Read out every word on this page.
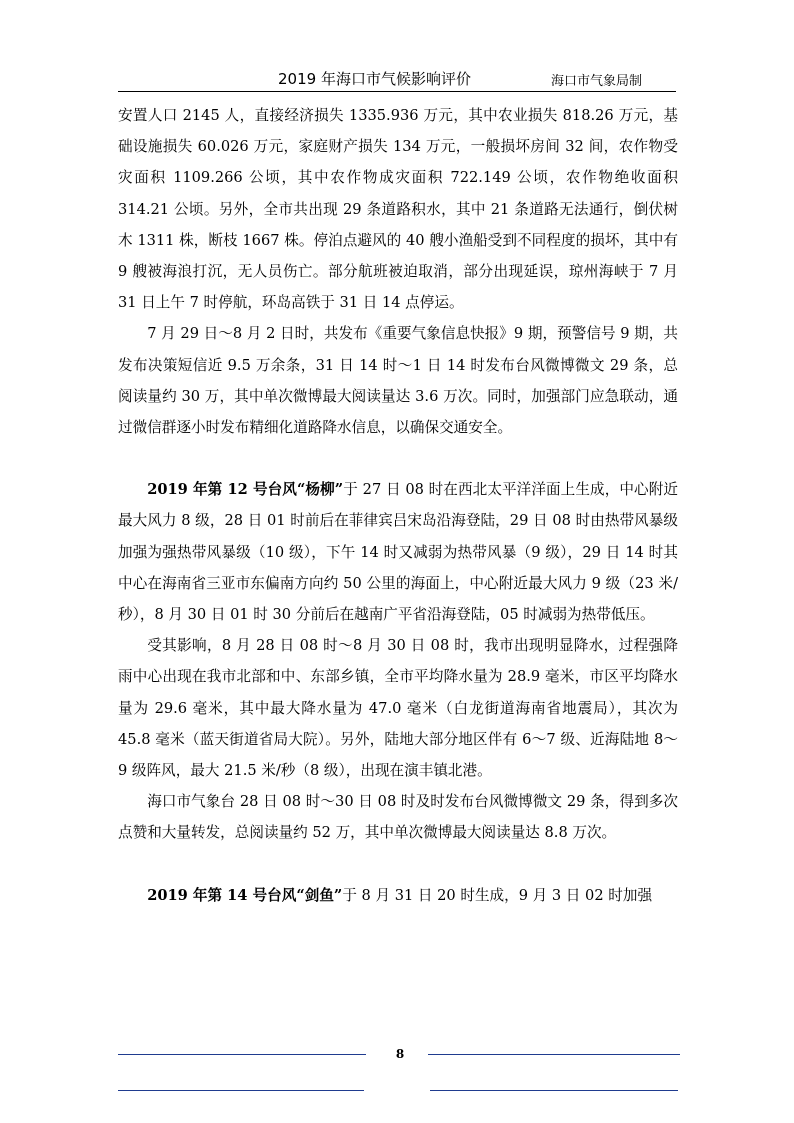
2019 年海口市气候影响评价	海口市气象局制

安置人口 2145 人，直接经济损失 1335.936 万元，其中农业损失 818.26 万元，基础设施损失 60.026 万元，家庭财产损失 134 万元，一般损坏房间 32 间，农作物受灾面积 1109.266 公顷，其中农作物成灾面积 722.149 公顷，农作物绝收面积 314.21 公顷。另外，全市共出现 29 条道路积水，其中 21 条道路无法通行，倒伏树木 1311 株，断枝 1667 株。停泊点避风的 40 艘小渔船受到不同程度的损坏，其中有 9 艘被海浪打沉，无人员伤亡。部分航班被迫取消，部分出现延误，琼州海峡于 7 月 31 日上午 7 时停航，环岛高铁于 31 日 14 点停运。

7 月 29 日～8 月 2 日时，共发布《重要气象信息快报》9 期，预警信号 9 期，共发布决策短信近 9.5 万余条，31 日 14 时～1 日 14 时发布台风微博微文 29 条，总阅读量约 30 万，其中单次微博最大阅读量达 3.6 万次。同时，加强部门应急联动，通过微信群逐小时发布精细化道路降水信息，以确保交通安全。

2019 年第 12 号台风“杨柳”于 27 日 08 时在西北太平洋洋面上生成，中心附近最大风力 8 级，28 日 01 时前后在菲律宾吕宋岛沿海登陆，29 日 08 时由热带风暴级加强为强热带风暴级（10 级），下午 14 时又减弱为热带风暴（9 级），29 日 14 时其中心在海南省三亚市东偏南方向约 50 公里的海面上，中心附近最大风力 9 级（23 米/秒），8 月 30 日 01 时 30 分前后在越南广平省沿海登陆，05 时减弱为热带低压。

受其影响，8 月 28 日 08 时～8 月 30 日 08 时，我市出现明显降水，过程强降雨中心出现在我市北部和中、东部乡镇，全市平均降水量为 28.9 毫米，市区平均降水量为 29.6 毫米，其中最大降水量为 47.0 毫米（白龙街道海南省地震局），其次为 45.8 毫米（蓝天街道省局大院）。另外，陆地大部分地区伴有 6～7 级、近海陆地 8～9 级阵风，最大 21.5 米/秒（8 级），出现在演丰镇北港。

海口市气象台 28 日 08 时～30 日 08 时及时发布台风微博微文 29 条，得到多次点赞和大量转发，总阅读量约 52 万，其中单次微博最大阅读量达 8.8 万次。

2019 年第 14 号台风“剑鱼”于 8 月 31 日 20 时生成，9 月 3 日 02 时加强

8
